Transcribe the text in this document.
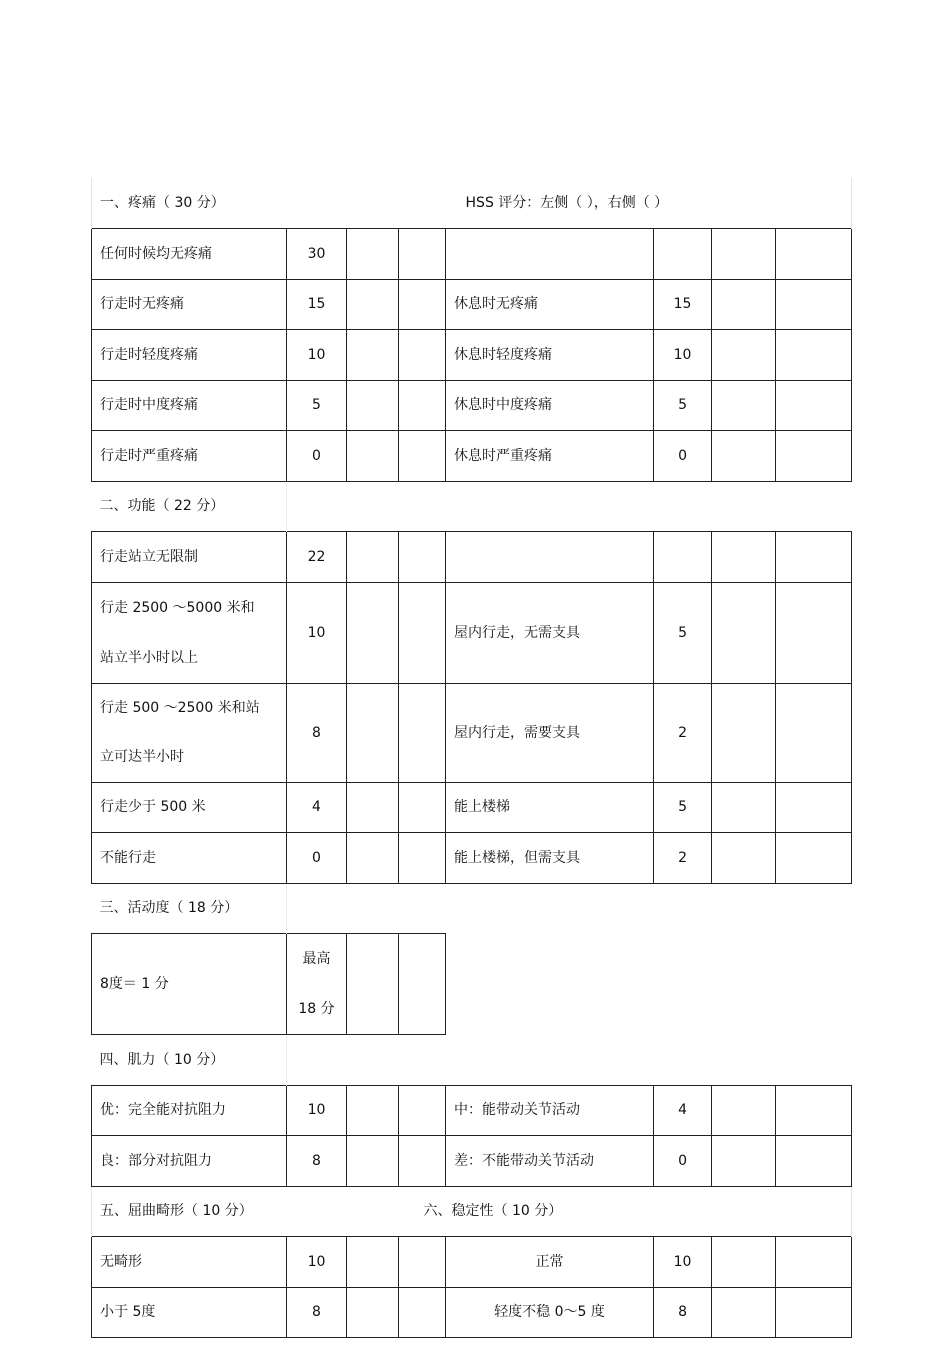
一、疼痛（ 30 分）	HSS 评分：左侧（ ），右侧（ ）
任何时候均无疼痛	30						
行走时无疼痛	15			休息时无疼痛	15		
行走时轻度疼痛	10			休息时轻度疼痛	10		
行走时中度疼痛	5			休息时中度疼痛	5		
行走时严重疼痛	0			休息时严重疼痛	0		
二、功能（ 22 分）	
行走站立无限制	22						

行走 2500 ～5000 米和
站立半小时以上	10			屋内行走，无需支具	5		

行走 500 ～2500 米和站
立可达半小时	8			屋内行走，需要支具	2		
行走少于 500 米	4			能上楼梯	5		
不能行走	0			能上楼梯，但需支具	2		
三、活动度（ 18 分）	
8度＝ 1 分	最高
18 分

四、肌力（ 10 分）	
优：完全能对抗阻力	10			中：能带动关节活动	4		
良：部分对抗阻力	8			差：不能带动关节活动	0		
五、屈曲畸形（ 10 分）	六、稳定性（ 10 分）
无畸形	10			正常	10		
小于 5度	8			轻度不稳 0～5 度	8		
